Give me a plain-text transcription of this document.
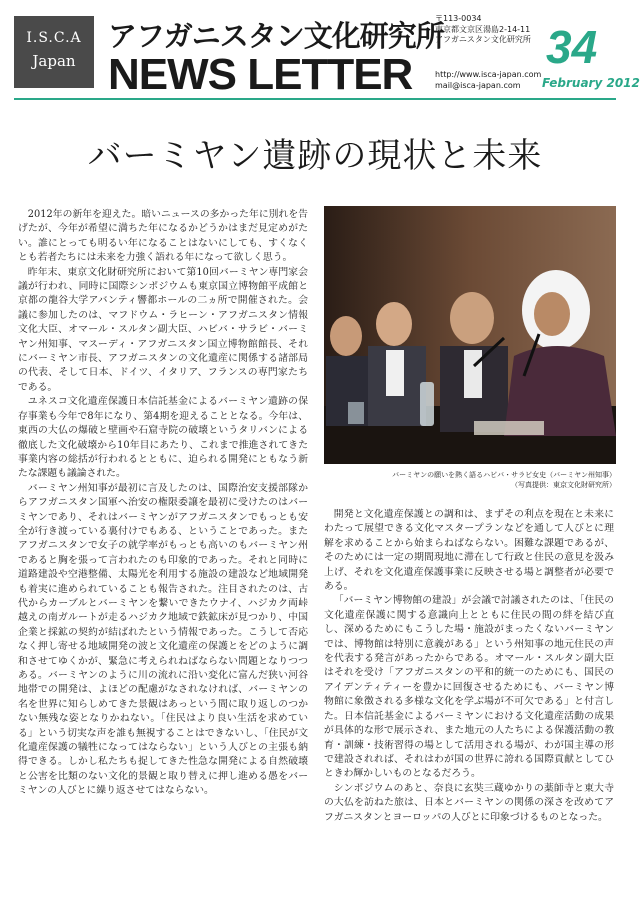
I.S.C.A
Japan
アフガニスタン文化研究所
NEWS LETTER
〒113-0034
東京都文京区湯島2-14-11
アフガニスタン文化研究所
http://www.isca-japan.com
mail@isca-japan.com
34
February 2012
バーミヤン遺跡の現状と未来

2012年の新年を迎えた。暗いニュースの多かった年に別れを告げたが、今年が希望に満ちた年になるかどうかはまだ見定めがたい。誰にとっても明るい年になることはないにしても、すくなくとも若者たちには未来を力強く語れる年になって欲しく思う。

昨年末、東京文化財研究所において第10回バーミヤン専門家会議が行われ、同時に国際シンポジウムも東京国立博物館平成館と京都の龍谷大学アバンティ響都ホールの二ヵ所で開催された。会議に参加したのは、マフドウム・ラヒーン・アフガニスタン情報文化大臣、オマール・スルタン副大臣、ハビバ・サラビ・バーミヤン州知事、マスーディ・アフガニスタン国立博物館館長、それにバーミヤン市長、アフガニスタンの文化遺産に関係する諸部局の代表、そして日本、ドイツ、イタリア、フランスの専門家たちである。

ユネスコ文化遺産保護日本信託基金によるバーミヤン遺跡の保存事業も今年で8年になり、第4期を迎えることとなる。今年は、東西の大仏の爆破と壁画や石窟寺院の破壊というタリバンによる徹底した文化破壊から10年目にあたり、これまで推進されてきた事業内容の総括が行われるとともに、迫られる開発にともなう新たな課題も議論された。

バーミヤン州知事が最初に言及したのは、国際治安支援部隊からアフガニスタン国軍へ治安の権限委譲を最初に受けたのはバーミヤンであり、それはバーミヤンがアフガニスタンでもっとも安全が行き渡っている裏付けでもある、ということであった。またアフガニスタンで女子の就学率がもっとも高いのもバーミヤン州であると胸を張って言われたのも印象的であった。それと同時に道路建設や空港整備、太陽光を利用する施設の建設など地域開発も着実に進められていることも報告された。注目されたのは、古代からカーブルとバーミヤンを繋いできたウナイ、ハジカク両峠越えの南ガルートが走るハジカク地域で鉄鉱床が見つかり、中国企業と採鉱の契約が結ばれたという情報であった。こうして否応なく押し寄せる地域開発の波と文化遺産の保護とをどのように調和させてゆくかが、緊急に考えられねばならない問題となりつつある。バーミヤンのように川の流れに沿い変化に富んだ狭い河谷地帯での開発は、よほどの配慮がなされなければ、バーミヤンの名を世界に知らしめてきた景観はあっという間に取り返しのつかない無残な姿となりかねない。「住民はより良い生活を求めている」という切実な声を誰も無視することはできないし、「住民が文化遺産保護の犠牲になってはならない」という人びとの主張も納得できる。しかし私たちも捉してきた性急な開発による自然破壊と公害を比類のない文化的景観と取り替えに押し進める愚をバーミヤンの人びとに繰り返させてはならない。

バーミヤンの願いを熱く語るハビバ・サラビ女史（バーミヤン州知事）
（写真提供：東京文化財研究所）

開発と文化遺産保護との調和は、まずその利点を現在と未来にわたって展望できる文化マスタープランなどを通して人びとに理解を求めることから始まらねばならない。困難な課題であるが、そのためには一定の期間現地に滞在して行政と住民の意見を汲み上げ、それを文化遺産保護事業に反映させる場と調整者が必要である。

「バーミヤン博物館の建設」が会議で討議されたのは、「住民の文化遺産保護に関する意識向上とともに住民の間の絆を結び直し、深めるためにもこうした場・施設がまったくないバーミヤンでは、博物館は特別に意義がある」という州知事の地元住民の声を代表する発言があったからである。オマール・スルタン副大臣はそれを受け「アフガニスタンの平和的統一のためにも、国民のアイデンティティーを豊かに回復させるためにも、バーミヤン博物館に象徴される多様な文化を学ぶ場が不可欠である」と付言した。日本信託基金によるバーミヤンにおける文化遺産活動の成果が具体的な形で展示され、また地元の人たちによる保護活動の教育・訓練・技術習得の場として活用される場が、わが国主導の形で建設されれば、それはわが国の世界に誇れる国際貢献としてひときわ輝かしいものとなるだろう。

シンポジウムのあと、奈良に玄奘三蔵ゆかりの薬師寺と東大寺の大仏を訪ねた旅は、日本とバーミヤンの関係の深さを改めてアフガニスタンとヨーロッパの人びとに印象づけるものとなった。
